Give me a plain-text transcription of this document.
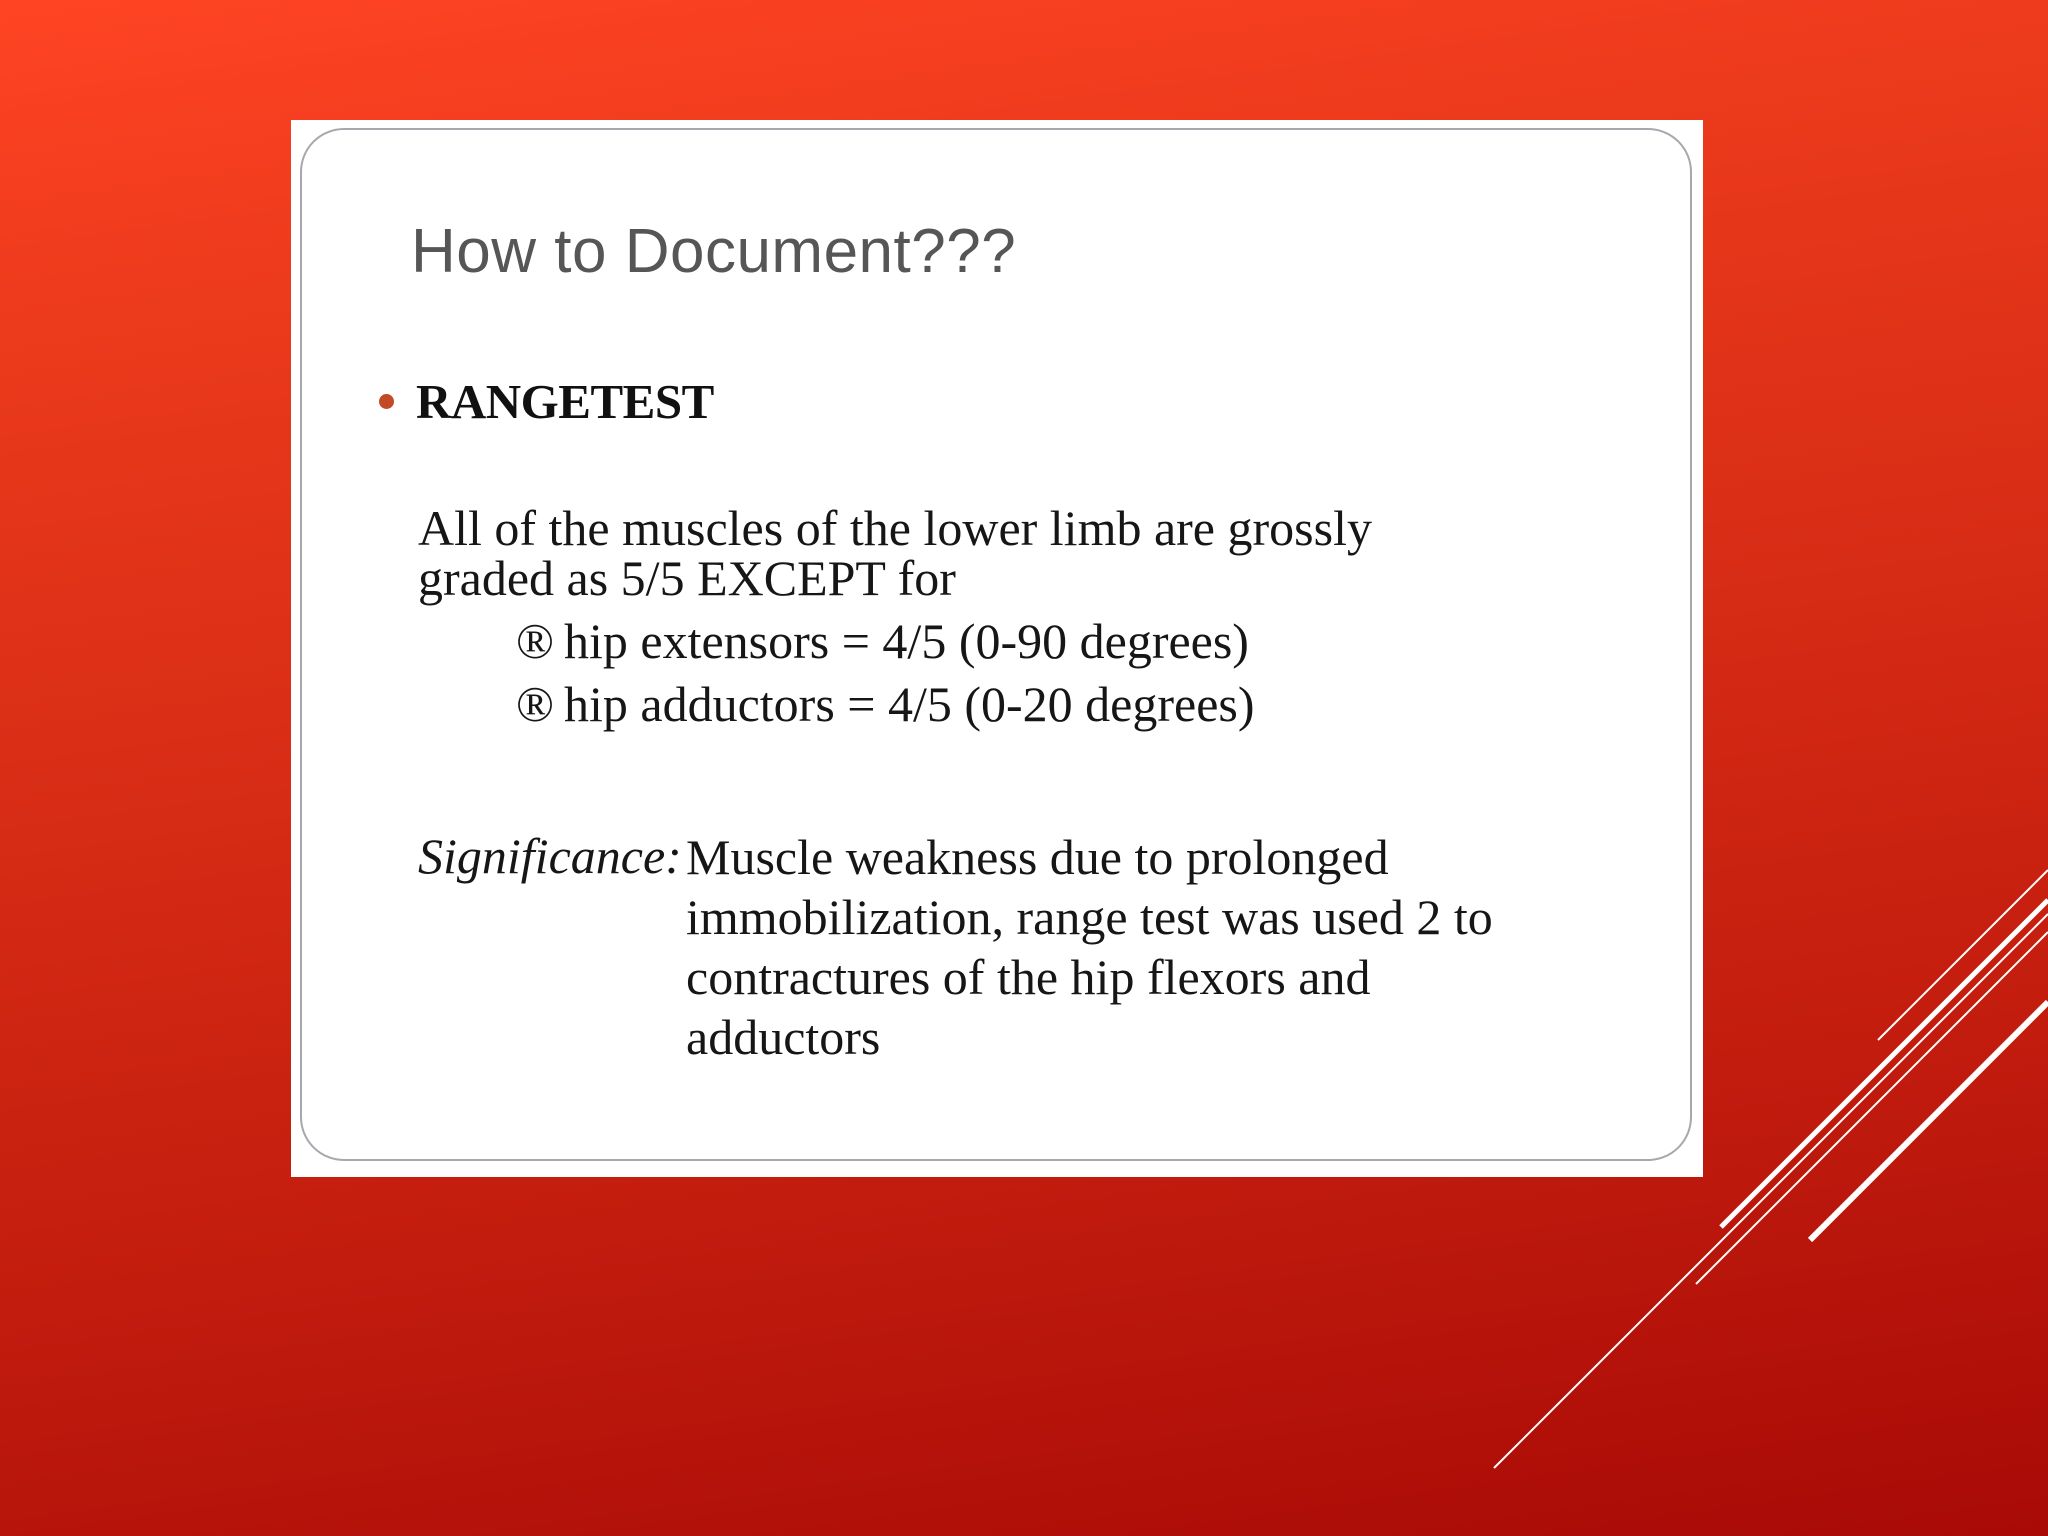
How to Document???
RANGETEST
All of the muscles of the lower limb are grossly
graded as 5/5 EXCEPT for
® hip extensors = 4/5 (0-90 degrees)
® hip adductors = 4/5 (0-20 degrees)
Significance: Muscle weakness due to prolonged
immobilization, range test was used 2 to
contractures of the hip flexors and
adductors
